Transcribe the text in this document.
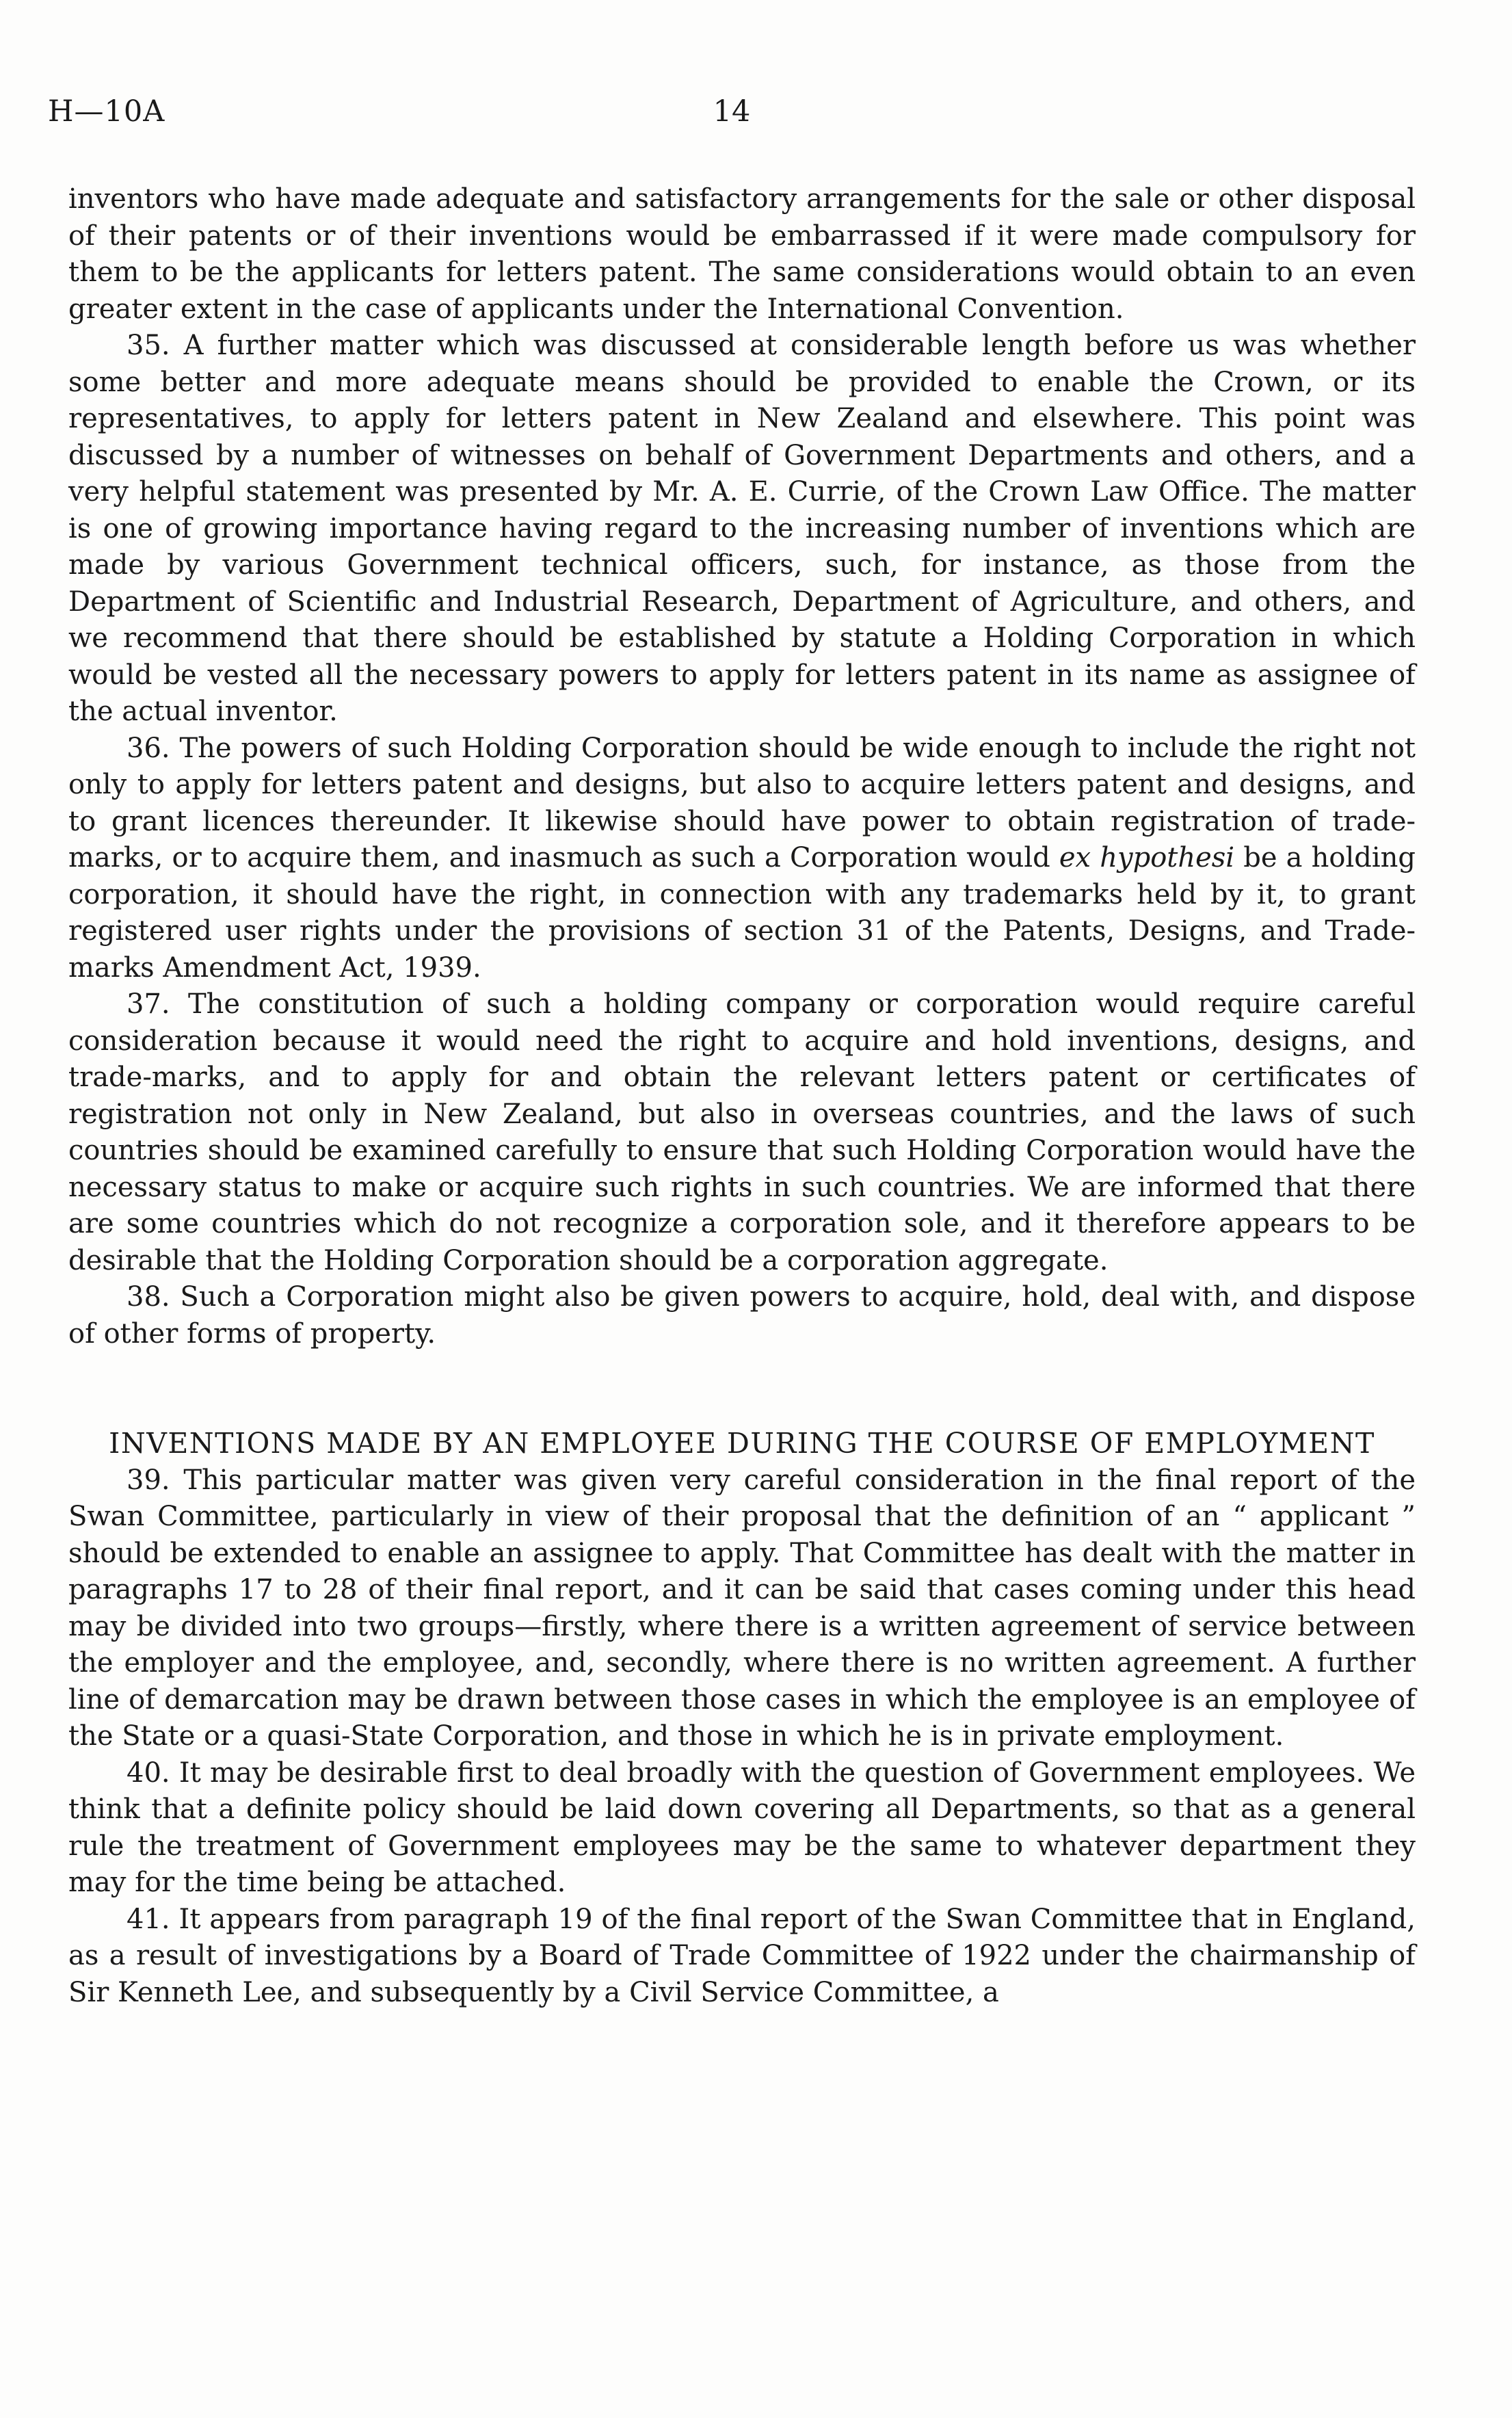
H—10A	14

inventors who have made adequate and satisfactory arrangements for the sale or other disposal of their patents or of their inventions would be embarrassed if it were made compulsory for them to be the applicants for letters patent. The same considerations would obtain to an even greater extent in the case of applicants under the International Convention.

35. A further matter which was discussed at considerable length before us was whether some better and more adequate means should be provided to enable the Crown, or its representatives, to apply for letters patent in New Zealand and elsewhere. This point was discussed by a number of witnesses on behalf of Government Departments and others, and a very helpful statement was presented by Mr. A. E. Currie, of the Crown Law Office. The matter is one of growing importance having regard to the increasing number of inventions which are made by various Government technical officers, such, for instance, as those from the Department of Scientific and Industrial Research, Department of Agriculture, and others, and we recommend that there should be established by statute a Holding Corporation in which would be vested all the necessary powers to apply for letters patent in its name as assignee of the actual inventor.

36. The powers of such Holding Corporation should be wide enough to include the right not only to apply for letters patent and designs, but also to acquire letters patent and designs, and to grant licences thereunder. It likewise should have power to obtain registration of trade-marks, or to acquire them, and inasmuch as such a Corporation would ex hypothesi be a holding corporation, it should have the right, in connection with any trademarks held by it, to grant registered user rights under the provisions of section 31 of the Patents, Designs, and Trade-marks Amendment Act, 1939.

37. The constitution of such a holding company or corporation would require careful consideration because it would need the right to acquire and hold inventions, designs, and trade-marks, and to apply for and obtain the relevant letters patent or certificates of registration not only in New Zealand, but also in overseas countries, and the laws of such countries should be examined carefully to ensure that such Holding Corporation would have the necessary status to make or acquire such rights in such countries. We are informed that there are some countries which do not recognize a corporation sole, and it therefore appears to be desirable that the Holding Corporation should be a corporation aggregate.

38. Such a Corporation might also be given powers to acquire, hold, deal with, and dispose of other forms of property.

INVENTIONS MADE BY AN EMPLOYEE DURING THE COURSE OF EMPLOYMENT

39. This particular matter was given very careful consideration in the final report of the Swan Committee, particularly in view of their proposal that the definition of an “ applicant ” should be extended to enable an assignee to apply. That Committee has dealt with the matter in paragraphs 17 to 28 of their final report, and it can be said that cases coming under this head may be divided into two groups—firstly, where there is a written agreement of service between the employer and the employee, and, secondly, where there is no written agreement. A further line of demarcation may be drawn between those cases in which the employee is an employee of the State or a quasi-State Corporation, and those in which he is in private employment.

40. It may be desirable first to deal broadly with the question of Government employees. We think that a definite policy should be laid down covering all Departments, so that as a general rule the treatment of Government employees may be the same to whatever department they may for the time being be attached.

41. It appears from paragraph 19 of the final report of the Swan Committee that in England, as a result of investigations by a Board of Trade Committee of 1922 under the chairmanship of Sir Kenneth Lee, and subsequently by a Civil Service Committee, a
